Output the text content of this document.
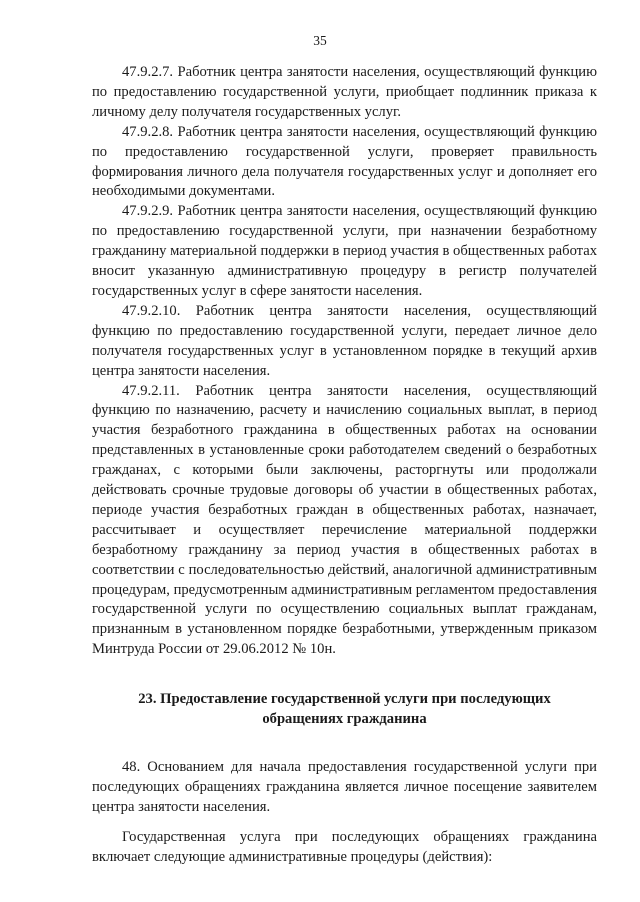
35

47.9.2.7. Работник центра занятости населения, осуществляющий функцию по предоставлению государственной услуги, приобщает подлинник приказа к личному делу получателя государственных услуг.

47.9.2.8. Работник центра занятости населения, осуществляющий функцию по предоставлению государственной услуги, проверяет правильность формирования личного дела получателя государственных услуг и дополняет его необходимыми документами.

47.9.2.9. Работник центра занятости населения, осуществляющий функцию по предоставлению государственной услуги, при назначении безработному гражданину материальной поддержки в период участия в общественных работах вносит указанную административную процедуру в регистр получателей государственных услуг в сфере занятости населения.

47.9.2.10. Работник центра занятости населения, осуществляющий функцию по предоставлению государственной услуги, передает личное дело получателя государственных услуг в установленном порядке в текущий архив центра занятости населения.

47.9.2.11. Работник центра занятости населения, осуществляющий функцию по назначению, расчету и начислению социальных выплат, в период участия безработного гражданина в общественных работах на основании представленных в установленные сроки работодателем сведений о безработных гражданах, с которыми были заключены, расторгнуты или продолжали действовать срочные трудовые договоры об участии в общественных работах, периоде участия безработных граждан в общественных работах, назначает, рассчитывает и осуществляет перечисление материальной поддержки безработному гражданину за период участия в общественных работах в соответствии с последовательностью действий, аналогичной административным процедурам, предусмотренным административным регламентом предоставления государственной услуги по осуществлению социальных выплат гражданам, признанным в установленном порядке безработными, утвержденным приказом Минтруда России от 29.06.2012 № 10н.

23. Предоставление государственной услуги при последующих
обращениях гражданина

48. Основанием для начала предоставления государственной услуги при последующих обращениях гражданина является личное посещение заявителем центра занятости населения.

Государственная услуга при последующих обращениях гражданина включает следующие административные процедуры (действия):
